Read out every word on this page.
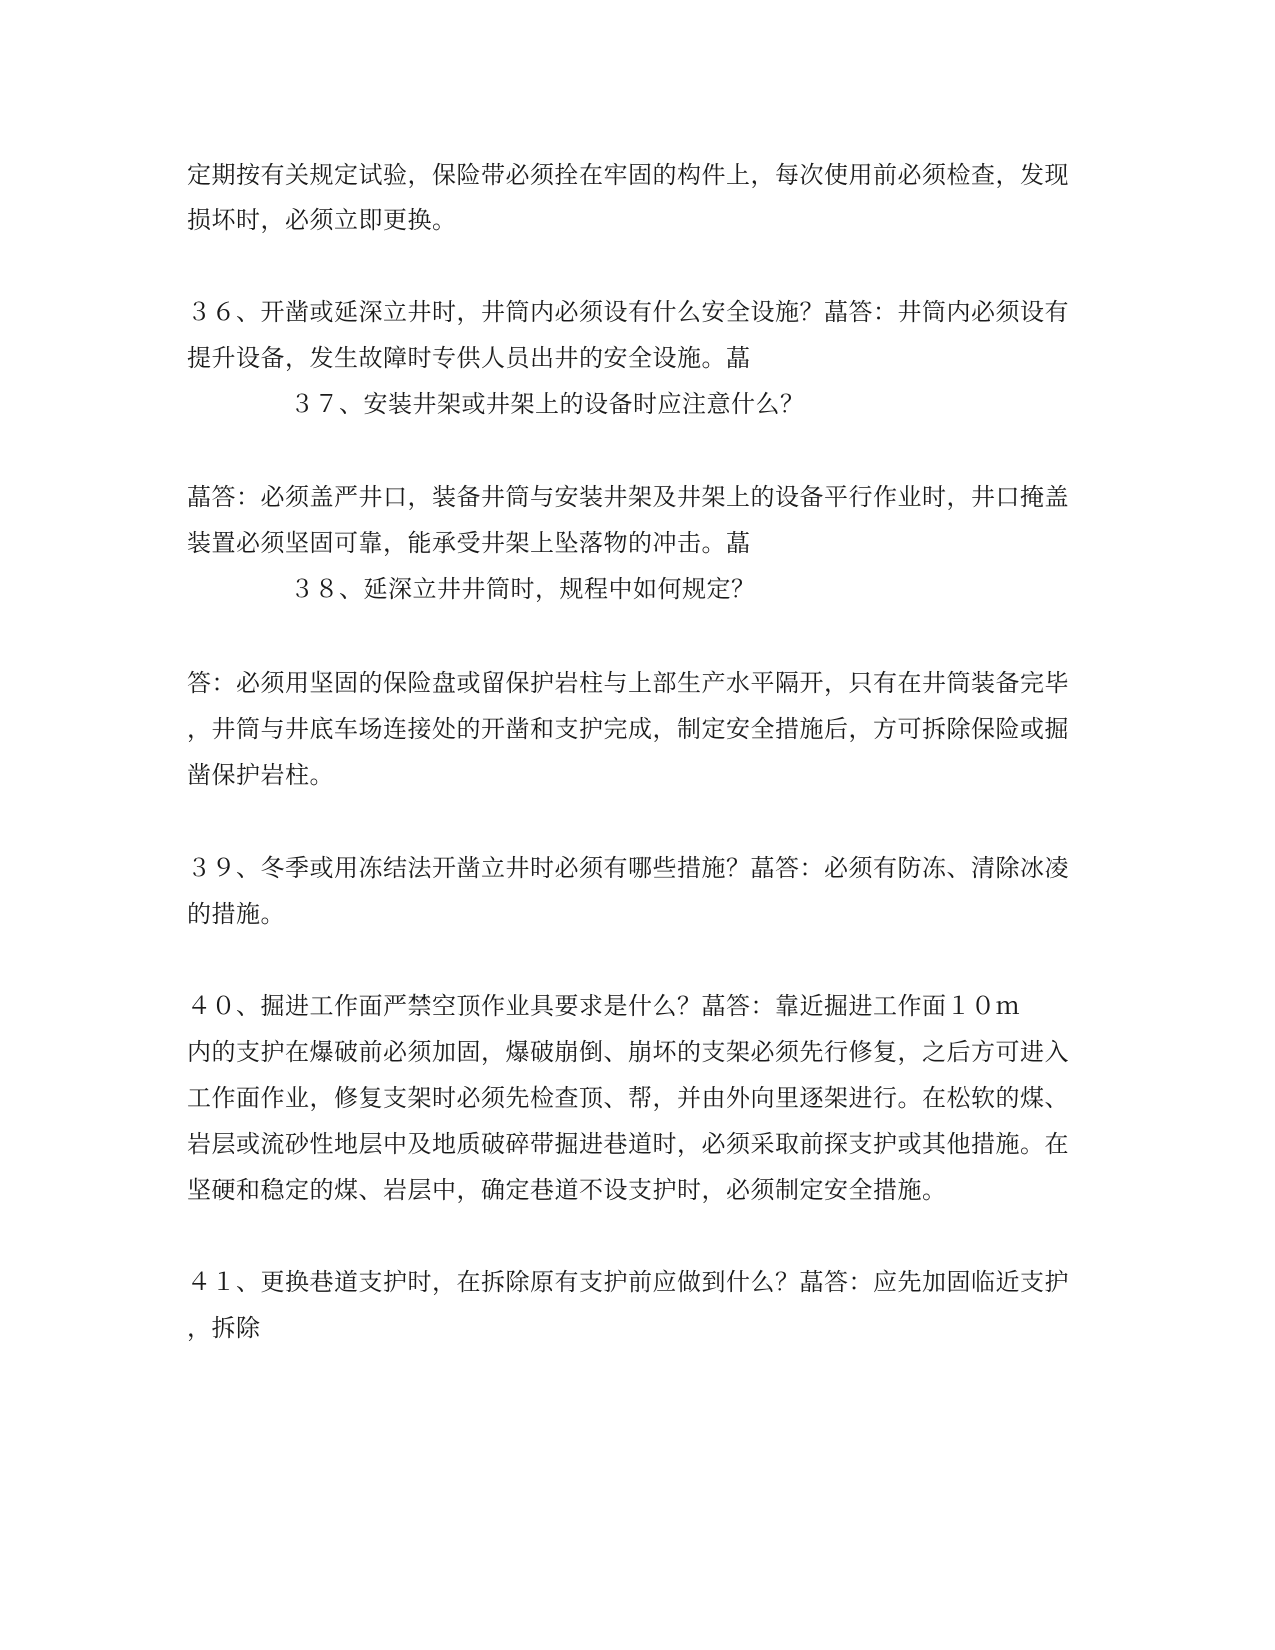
定期按有关规定试验，保险带必须拴在牢固的构件上，每次使用前必须检查，发现
损坏时，必须立即更换。
３６、开凿或延深立井时，井筒内必须设有什么安全设施？蕌答：井筒内必须设有
提升设备，发生故障时专供人员出井的安全设施。蕌
３７、安装井架或井架上的设备时应注意什么？
蕌答：必须盖严井口，装备井筒与安装井架及井架上的设备平行作业时，井口掩盖
装置必须坚固可靠，能承受井架上坠落物的冲击。蕌
３８、延深立井井筒时，规程中如何规定？
答：必须用坚固的保险盘或留保护岩柱与上部生产水平隔开，只有在井筒装备完毕
，井筒与井底车场连接处的开凿和支护完成，制定安全措施后，方可拆除保险或掘
凿保护岩柱。
３９、冬季或用冻结法开凿立井时必须有哪些措施？蕌答：必须有防冻、清除冰凌
的措施。
４０、掘进工作面严禁空顶作业具要求是什么？蕌答：靠近掘进工作面１０ｍ
内的支护在爆破前必须加固，爆破崩倒、崩坏的支架必须先行修复，之后方可进入
工作面作业，修复支架时必须先检查顶、帮，并由外向里逐架进行。在松软的煤、
岩层或流砂性地层中及地质破碎带掘进巷道时，必须采取前探支护或其他措施。在
坚硬和稳定的煤、岩层中，确定巷道不设支护时，必须制定安全措施。
４１、更换巷道支护时，在拆除原有支护前应做到什么？蕌答：应先加固临近支护
，拆除
